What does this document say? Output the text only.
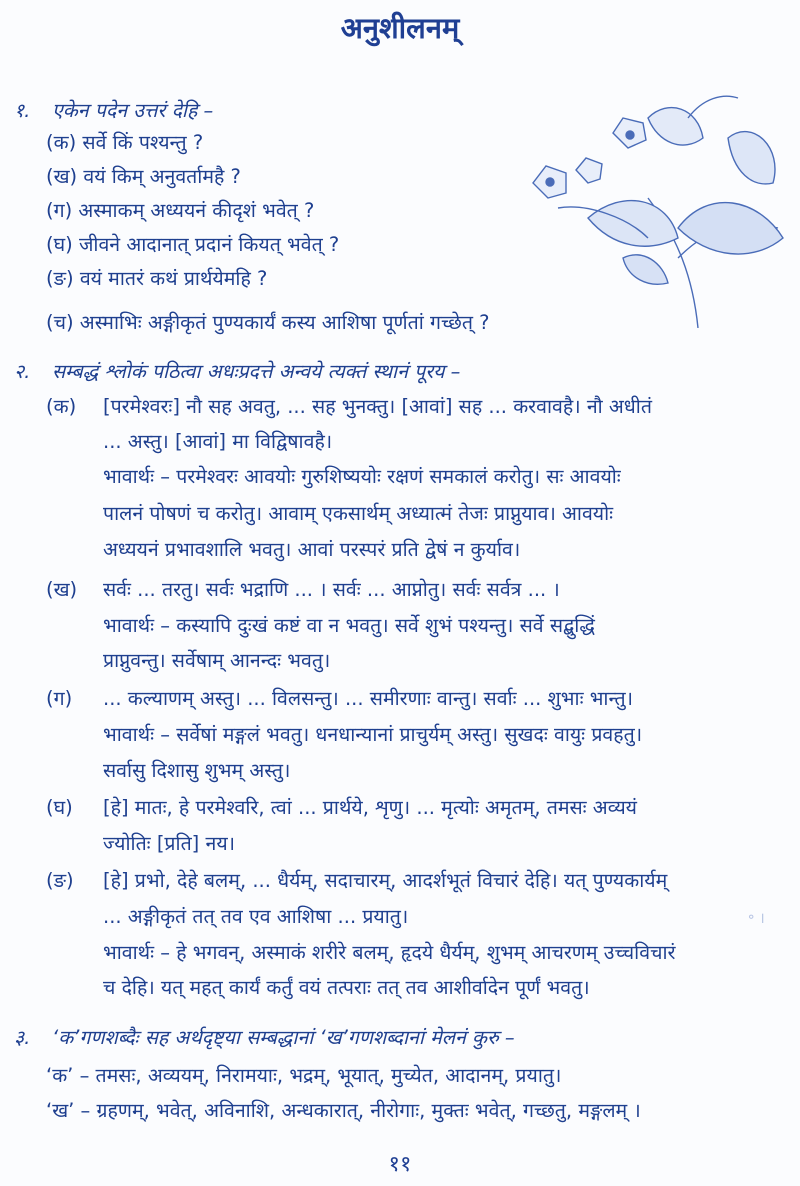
अनुशीलनम्
॰ ।
१. एकेन पदेन उत्तरं देहि –
(क) सर्वे किं पश्यन्तु ?
(ख) वयं किम् अनुवर्तामहै ?
(ग) अस्माकम् अध्ययनं कीदृशं भवेत् ?
(घ) जीवने आदानात् प्रदानं कियत् भवेत् ?
(ङ) वयं मातरं कथं प्रार्थयेमहि ?
(च) अस्माभिः अङ्गीकृतं पुण्यकार्यं कस्य आशिषा पूर्णतां गच्छेत् ?
२. सम्बद्धं श्लोकं पठित्वा अधःप्रदत्ते अन्वये त्यक्तं स्थानं पूरय –
(क) [परमेश्वरः] नौ सह अवतु, ... सह भुनक्तु। [आवां] सह ... करवावहै। नौ अधीतं
... अस्तु। [आवां] मा विद्विषावहै।
भावार्थः – परमेश्वरः आवयोः गुरुशिष्ययोः रक्षणं समकालं करोतु। सः आवयोः
पालनं पोषणं च करोतु। आवाम् एकसार्थम् अध्यात्मं तेजः प्राप्नुयाव। आवयोः
अध्ययनं प्रभावशालि भवतु। आवां परस्परं प्रति द्वेषं न कुर्याव।
(ख) सर्वः ... तरतु। सर्वः भद्राणि ... । सर्वः ... आप्नोतु। सर्वः सर्वत्र ... ।
भावार्थः – कस्यापि दुःखं कष्टं वा न भवतु। सर्वे शुभं पश्यन्तु। सर्वे सद्बुद्धिं
प्राप्नुवन्तु। सर्वेषाम् आनन्दः भवतु।
(ग) ... कल्याणम् अस्तु। ... विलसन्तु। ... समीरणाः वान्तु। सर्वाः ... शुभाः भान्तु।
भावार्थः – सर्वेषां मङ्गलं भवतु। धनधान्यानां प्राचुर्यम् अस्तु। सुखदः वायुः प्रवहतु।
सर्वासु दिशासु शुभम् अस्तु।
(घ) [हे] मातः, हे परमेश्वरि, त्वां ... प्रार्थये, शृणु। ... मृत्योः अमृतम्, तमसः अव्ययं
ज्योतिः [प्रति] नय।
(ङ) [हे] प्रभो, देहे बलम्, ... धैर्यम्, सदाचारम्, आदर्शभूतं विचारं देहि। यत् पुण्यकार्यम्
... अङ्गीकृतं तत् तव एव आशिषा ... प्रयातु।
भावार्थः – हे भगवन्, अस्माकं शरीरे बलम्, हृदये धैर्यम्, शुभम् आचरणम् उच्चविचारं
च देहि। यत् महत् कार्यं कर्तुं वयं तत्पराः तत् तव आशीर्वादेन पूर्णं भवतु।
३. ‘क’गणशब्दैः सह अर्थदृष्ट्या सम्बद्धानां ‘ख’गणशब्दानां मेलनं कुरु –
‘क’ – तमसः, अव्ययम्, निरामयाः, भद्रम्, भूयात्, मुच्येत, आदानम्, प्रयातु।
‘ख’ – ग्रहणम्, भवेत्, अविनाशि, अन्धकारात्, नीरोगाः, मुक्तः भवेत्, गच्छतु, मङ्गलम् ।
११
